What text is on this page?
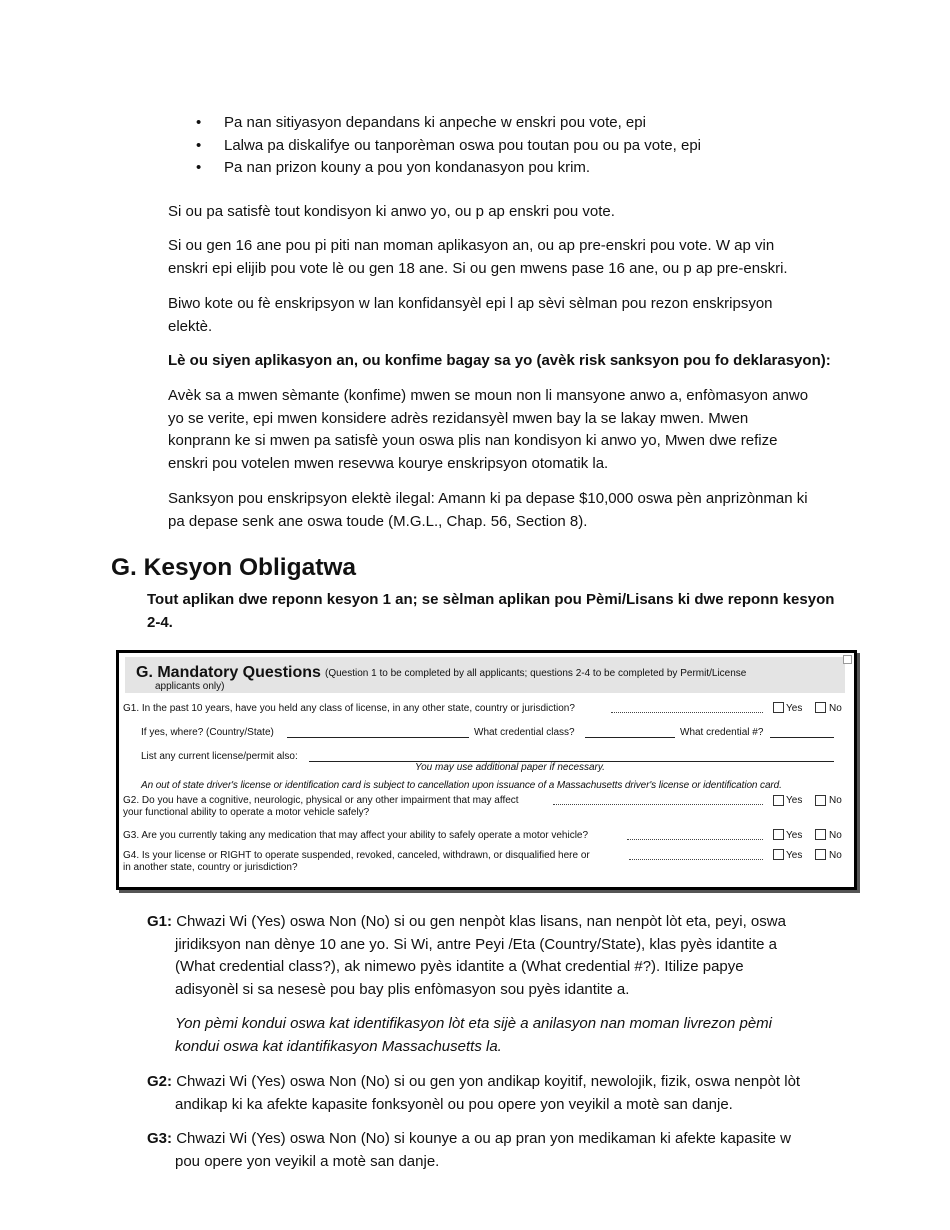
• Pa nan sitiyasyon depandans ki anpeche w enskri pou vote, epi
• Lalwa pa diskalifye ou tanporèman oswa pou toutan pou ou pa vote, epi
• Pa nan prizon kouny a pou yon kondanasyon pou krim.
Si ou pa satisfè tout kondisyon ki anwo yo, ou p ap enskri pou vote.
Si ou gen 16 ane pou pi piti nan moman aplikasyon an, ou ap pre-enskri pou vote. W ap vin
enskri epi elijib pou vote lè ou gen 18 ane. Si ou gen mwens pase 16 ane, ou p ap pre-enskri.
Biwo kote ou fè enskripsyon w lan konfidansyèl epi l ap sèvi sèlman pou rezon enskripsyon
elektè.
Lè ou siyen aplikasyon an, ou konfime bagay sa yo (avèk risk sanksyon pou fo deklarasyon):
Avèk sa a mwen sèmante (konfime) mwen se moun non li mansyone anwo a, enfòmasyon anwo
yo se verite, epi mwen konsidere adrès rezidansyèl mwen bay la se lakay mwen. Mwen
konprann ke si mwen pa satisfè youn oswa plis nan kondisyon ki anwo yo, Mwen dwe refize
enskri pou votelen mwen resevwa kourye enskripsyon otomatik la.
Sanksyon pou enskripsyon elektè ilegal: Amann ki pa depase $10,000 oswa pèn anprizònman ki
pa depase senk ane oswa toude (M.G.L., Chap. 56, Section 8).
G. Kesyon Obligatwa
Tout aplikan dwe reponn kesyon 1 an; se sèlman aplikan pou Pèmi/Lisans ki dwe reponn kesyon
2-4.
G. Mandatory Questions (Question 1 to be completed by all applicants; questions 2-4 to be completed by Permit/License
applicants only)
G1. In the past 10 years, have you held any class of license, in any other state, country or jurisdiction?	Yes	No
If yes, where? (Country/State)	What credential class?	What credential #?
List any current license/permit also:
You may use additional paper if necessary.
An out of state driver's license or identification card is subject to cancellation upon issuance of a Massachusetts driver's license or identification card.
G2. Do you have a cognitive, neurologic, physical or any other impairment that may affect
your functional ability to operate a motor vehicle safely?
Yes	No
G3. Are you currently taking any medication that may affect your ability to safely operate a motor vehicle?	Yes	No
G4. Is your license or RIGHT to operate suspended, revoked, canceled, withdrawn, or disqualified here or
in another state, country or jurisdiction?
Yes	No
G1: Chwazi Wi (Yes) oswa Non (No) si ou gen nenpòt klas lisans, nan nenpòt lòt eta, peyi, oswa
jiridiksyon nan dènye 10 ane yo. Si Wi, antre Peyi /Eta (Country/State), klas pyès idantite a
(What credential class?), ak nimewo pyès idantite a (What credential #?). Itilize papye
adisyonèl si sa nesesè pou bay plis enfòmasyon sou pyès idantite a.
Yon pèmi kondui oswa kat identifikasyon lòt eta sijè a anilasyon nan moman livrezon pèmi
kondui oswa kat idantifikasyon Massachusetts la.
G2: Chwazi Wi (Yes) oswa Non (No) si ou gen yon andikap koyitif, newolojik, fizik, oswa nenpòt lòt
andikap ki ka afekte kapasite fonksyonèl ou pou opere yon veyikil a motè san danje.
G3: Chwazi Wi (Yes) oswa Non (No) si kounye a ou ap pran yon medikaman ki afekte kapasite w
pou opere yon veyikil a motè san danje.
